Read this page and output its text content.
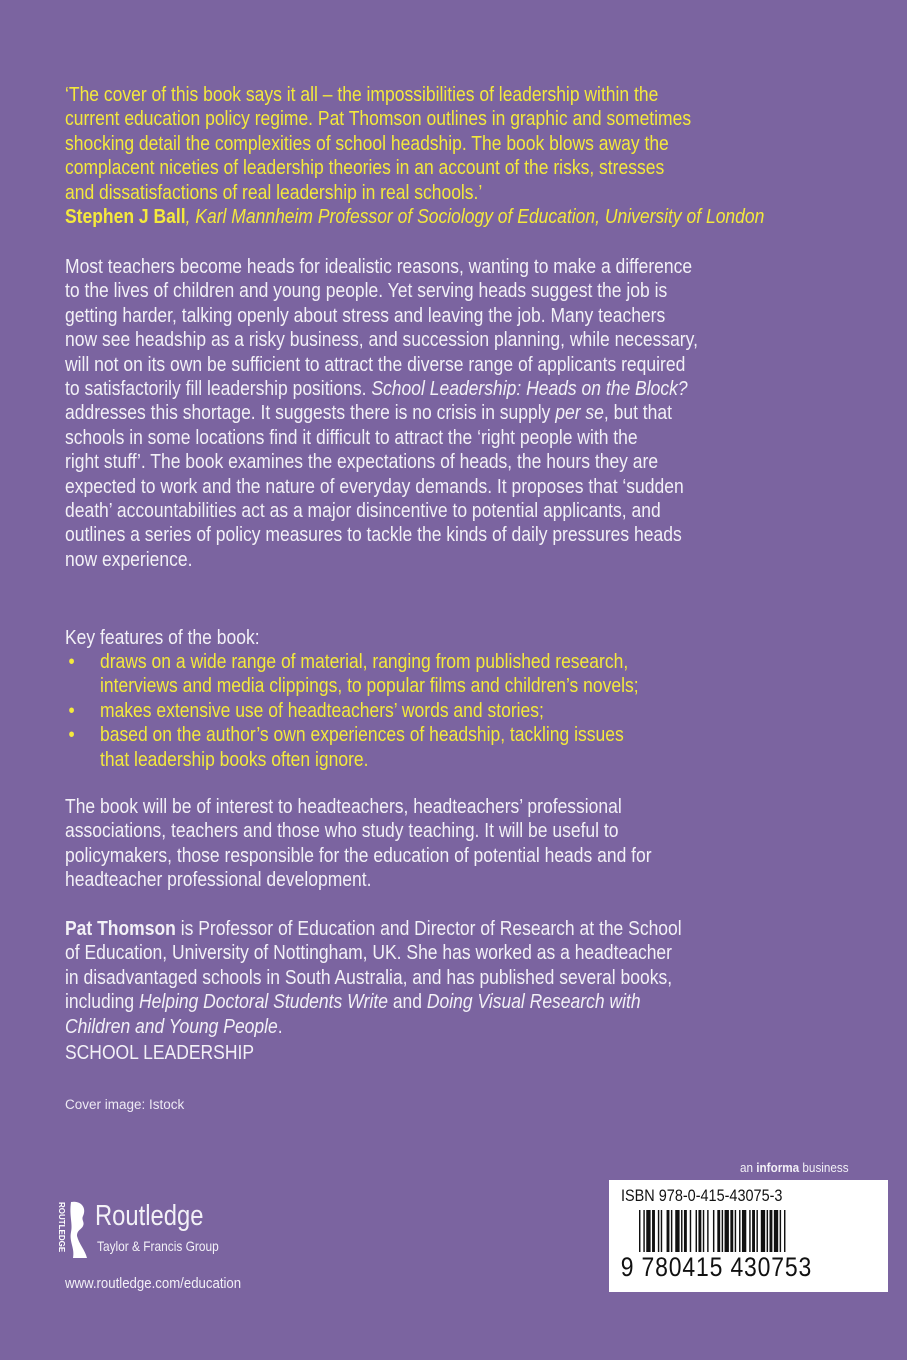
‘The cover of this book says it all – the impossibilities of leadership within the
current education policy regime. Pat Thomson outlines in graphic and sometimes
shocking detail the complexities of school headship. The book blows away the
complacent niceties of leadership theories in an account of the risks, stresses
and dissatisfactions of real leadership in real schools.’
Stephen J Ball, Karl Mannheim Professor of Sociology of Education, University of London
Most teachers become heads for idealistic reasons, wanting to make a difference
to the lives of children and young people. Yet serving heads suggest the job is
getting harder, talking openly about stress and leaving the job. Many teachers
now see headship as a risky business, and succession planning, while necessary,
will not on its own be sufficient to attract the diverse range of applicants required
to satisfactorily fill leadership positions. School Leadership: Heads on the Block?
addresses this shortage. It suggests there is no crisis in supply per se, but that
schools in some locations find it difficult to attract the ‘right people with the
right stuff’. The book examines the expectations of heads, the hours they are
expected to work and the nature of everyday demands. It proposes that ‘sudden
death’ accountabilities act as a major disincentive to potential applicants, and
outlines a series of policy measures to tackle the kinds of daily pressures heads
now experience.
Key features of the book:
• draws on a wide range of material, ranging from published research,
interviews and media clippings, to popular films and children’s novels;
• makes extensive use of headteachers’ words and stories;
• based on the author’s own experiences of headship, tackling issues
that leadership books often ignore.
The book will be of interest to headteachers, headteachers’ professional
associations, teachers and those who study teaching. It will be useful to
policymakers, those responsible for the education of potential heads and for
headteacher professional development.
Pat Thomson is Professor of Education and Director of Research at the School
of Education, University of Nottingham, UK. She has worked as a headteacher
in disadvantaged schools in South Australia, and has published several books,
including Helping Doctoral Students Write and Doing Visual Research with
Children and Young People.
SCHOOL LEADERSHIP
Cover image: Istock
an informa business
ISBN 978-0-415-43075-3
9 780415 430753
ROUTLEDGE Routledge
Taylor & Francis Group
www.routledge.com/education
